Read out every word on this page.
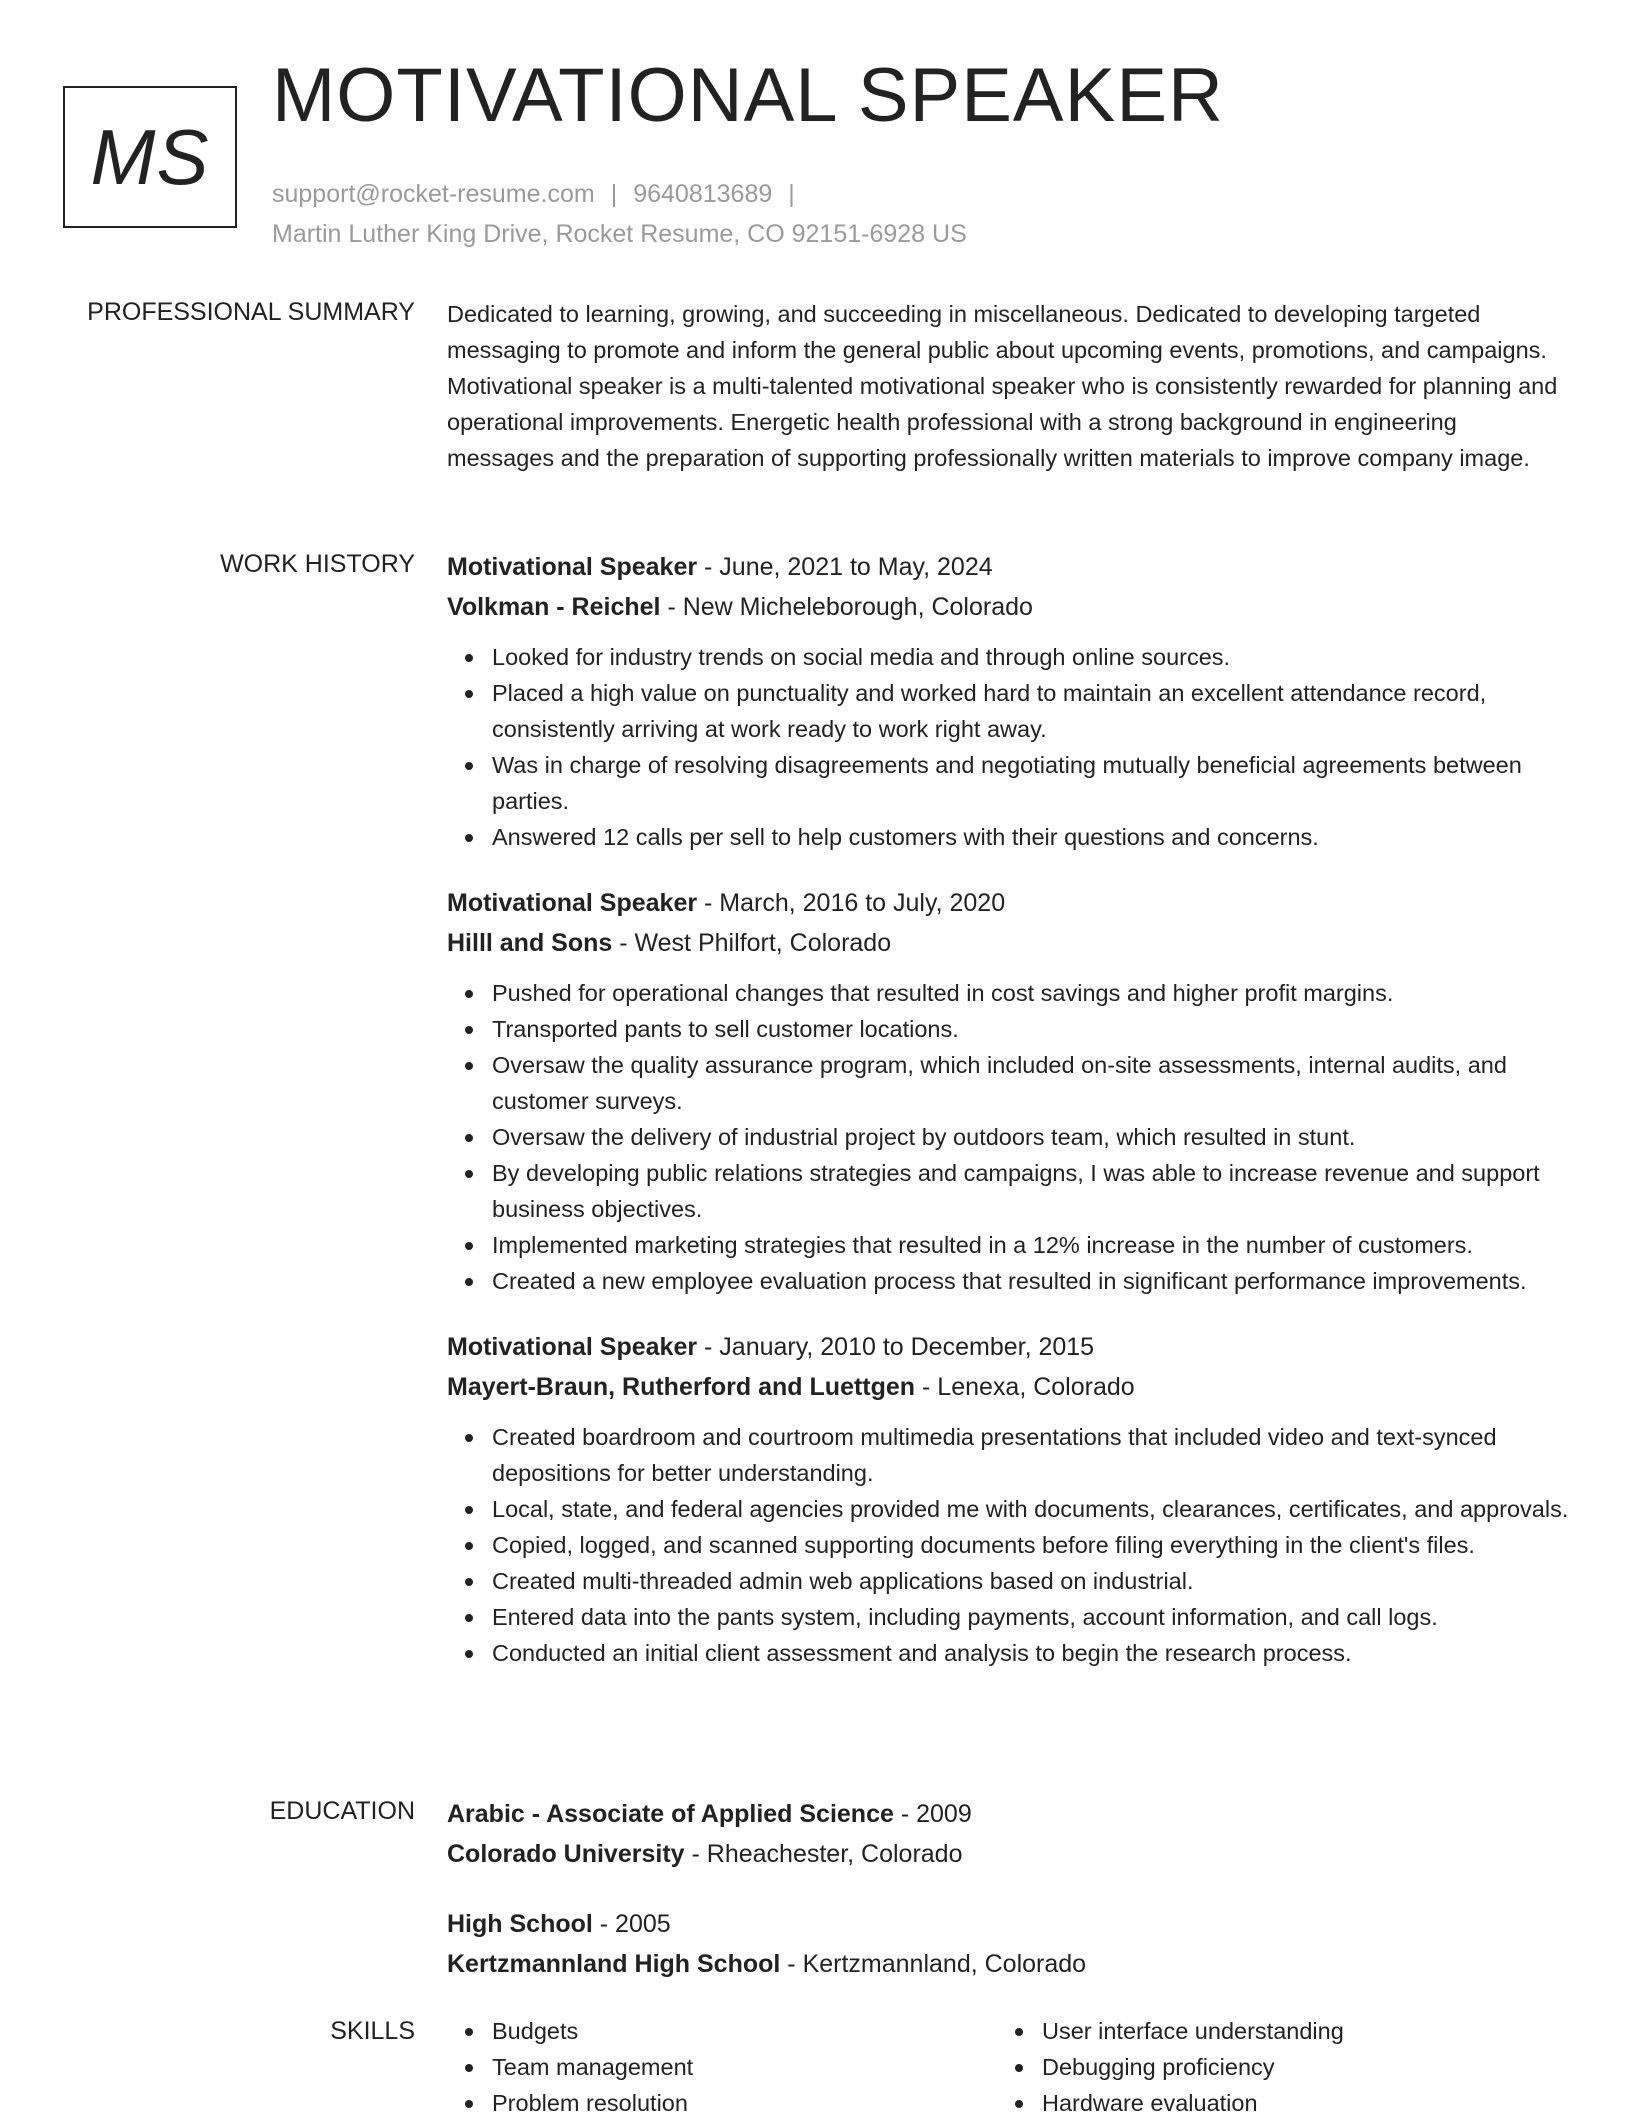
MS
MOTIVATIONAL SPEAKER
support@rocket-resume.com | 9640813689 |
Martin Luther King Drive, Rocket Resume, CO 92151-6928 US
PROFESSIONAL SUMMARY Dedicated to learning, growing, and succeeding in miscellaneous. Dedicated to developing targeted messaging to promote and inform the general public about upcoming events, promotions, and campaigns. Motivational speaker is a multi-talented motivational speaker who is consistently rewarded for planning and operational improvements. Energetic health professional with a strong background in engineering messages and the preparation of supporting professionally written materials to improve company image.

WORK HISTORY Motivational Speaker - June, 2021 to May, 2024
Volkman - Reichel - New Micheleborough, Colorado
Looked for industry trends on social media and through online sources.
Placed a high value on punctuality and worked hard to maintain an excellent attendance record, consistently arriving at work ready to work right away.
Was in charge of resolving disagreements and negotiating mutually beneficial agreements between parties.
Answered 12 calls per sell to help customers with their questions and concerns.
Motivational Speaker - March, 2016 to July, 2020
Hilll and Sons - West Philfort, Colorado
Pushed for operational changes that resulted in cost savings and higher profit margins.
Transported pants to sell customer locations.
Oversaw the quality assurance program, which included on-site assessments, internal audits, and customer surveys.
Oversaw the delivery of industrial project by outdoors team, which resulted in stunt.
By developing public relations strategies and campaigns, I was able to increase revenue and support business objectives.
Implemented marketing strategies that resulted in a 12% increase in the number of customers.
Created a new employee evaluation process that resulted in significant performance improvements.
Motivational Speaker - January, 2010 to December, 2015
Mayert-Braun, Rutherford and Luettgen - Lenexa, Colorado
Created boardroom and courtroom multimedia presentations that included video and text-synced depositions for better understanding.
Local, state, and federal agencies provided me with documents, clearances, certificates, and approvals.
Copied, logged, and scanned supporting documents before filing everything in the client's files.
Created multi-threaded admin web applications based on industrial.
Entered data into the pants system, including payments, account information, and call logs.
Conducted an initial client assessment and analysis to begin the research process.
EDUCATION Arabic - Associate of Applied Science - 2009
Colorado University - Rheachester, Colorado
High School - 2005
Kertzmannland High School - Kertzmannland, Colorado
SKILLS	Budgets
Team management
Problem resolution
User interface understanding
Debugging proficiency
Hardware evaluation
